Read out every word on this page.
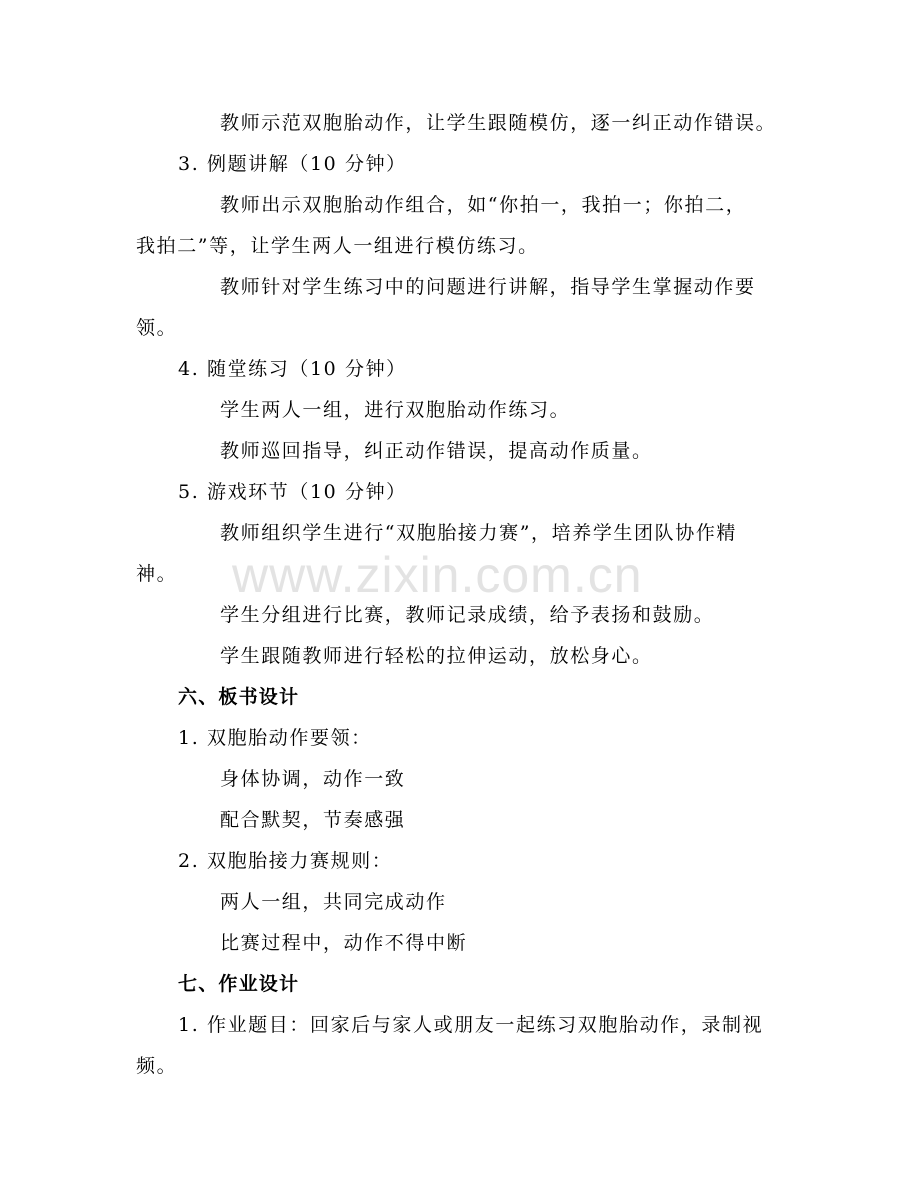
www.zixin.com.cn
教师示范双胞胎动作，让学生跟随模仿，逐一纠正动作错误。
3. 例题讲解（10 分钟）
教师出示双胞胎动作组合，如“你拍一，我拍一；你拍二，
我拍二”等，让学生两人一组进行模仿练习。
教师针对学生练习中的问题进行讲解，指导学生掌握动作要
领。
4. 随堂练习（10 分钟）
学生两人一组，进行双胞胎动作练习。
教师巡回指导，纠正动作错误，提高动作质量。
5. 游戏环节（10 分钟）
教师组织学生进行“双胞胎接力赛”，培养学生团队协作精
神。
学生分组进行比赛，教师记录成绩，给予表扬和鼓励。
学生跟随教师进行轻松的拉伸运动，放松身心。
六、板书设计
1. 双胞胎动作要领：
身体协调，动作一致
配合默契，节奏感强
2. 双胞胎接力赛规则：
两人一组，共同完成动作
比赛过程中，动作不得中断
七、作业设计
1. 作业题目：回家后与家人或朋友一起练习双胞胎动作，录制视
频。
